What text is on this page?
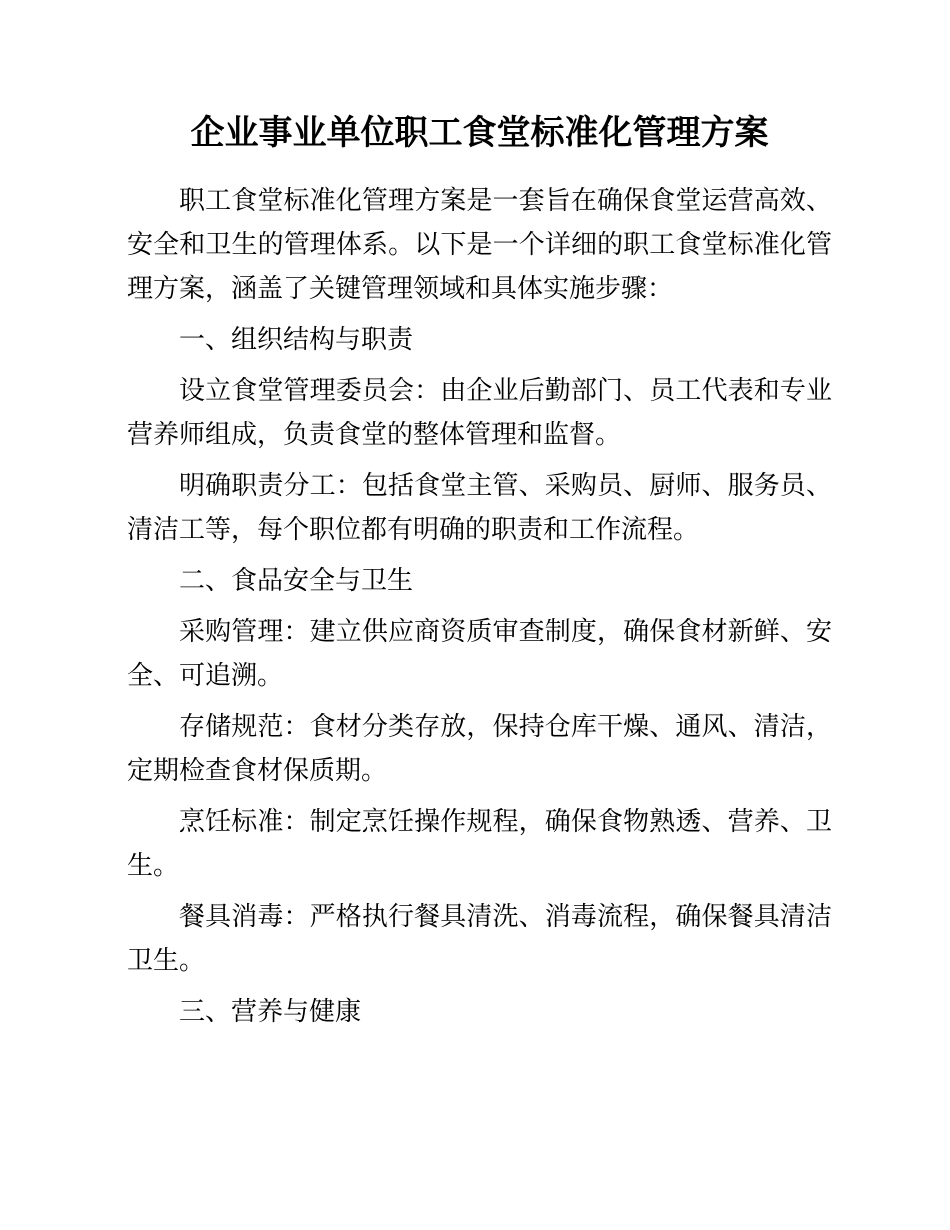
企业事业单位职工食堂标准化管理方案

职工食堂标准化管理方案是一套旨在确保食堂运营高效、安全和卫生的管理体系。以下是一个详细的职工食堂标准化管理方案，涵盖了关键管理领域和具体实施步骤：

一、组织结构与职责

设立食堂管理委员会：由企业后勤部门、员工代表和专业营养师组成，负责食堂的整体管理和监督。

明确职责分工：包括食堂主管、采购员、厨师、服务员、清洁工等，每个职位都有明确的职责和工作流程。

二、食品安全与卫生

采购管理：建立供应商资质审查制度，确保食材新鲜、安全、可追溯。

存储规范：食材分类存放，保持仓库干燥、通风、清洁，定期检查食材保质期。

烹饪标准：制定烹饪操作规程，确保食物熟透、营养、卫生。

餐具消毒：严格执行餐具清洗、消毒流程，确保餐具清洁卫生。

三、营养与健康
